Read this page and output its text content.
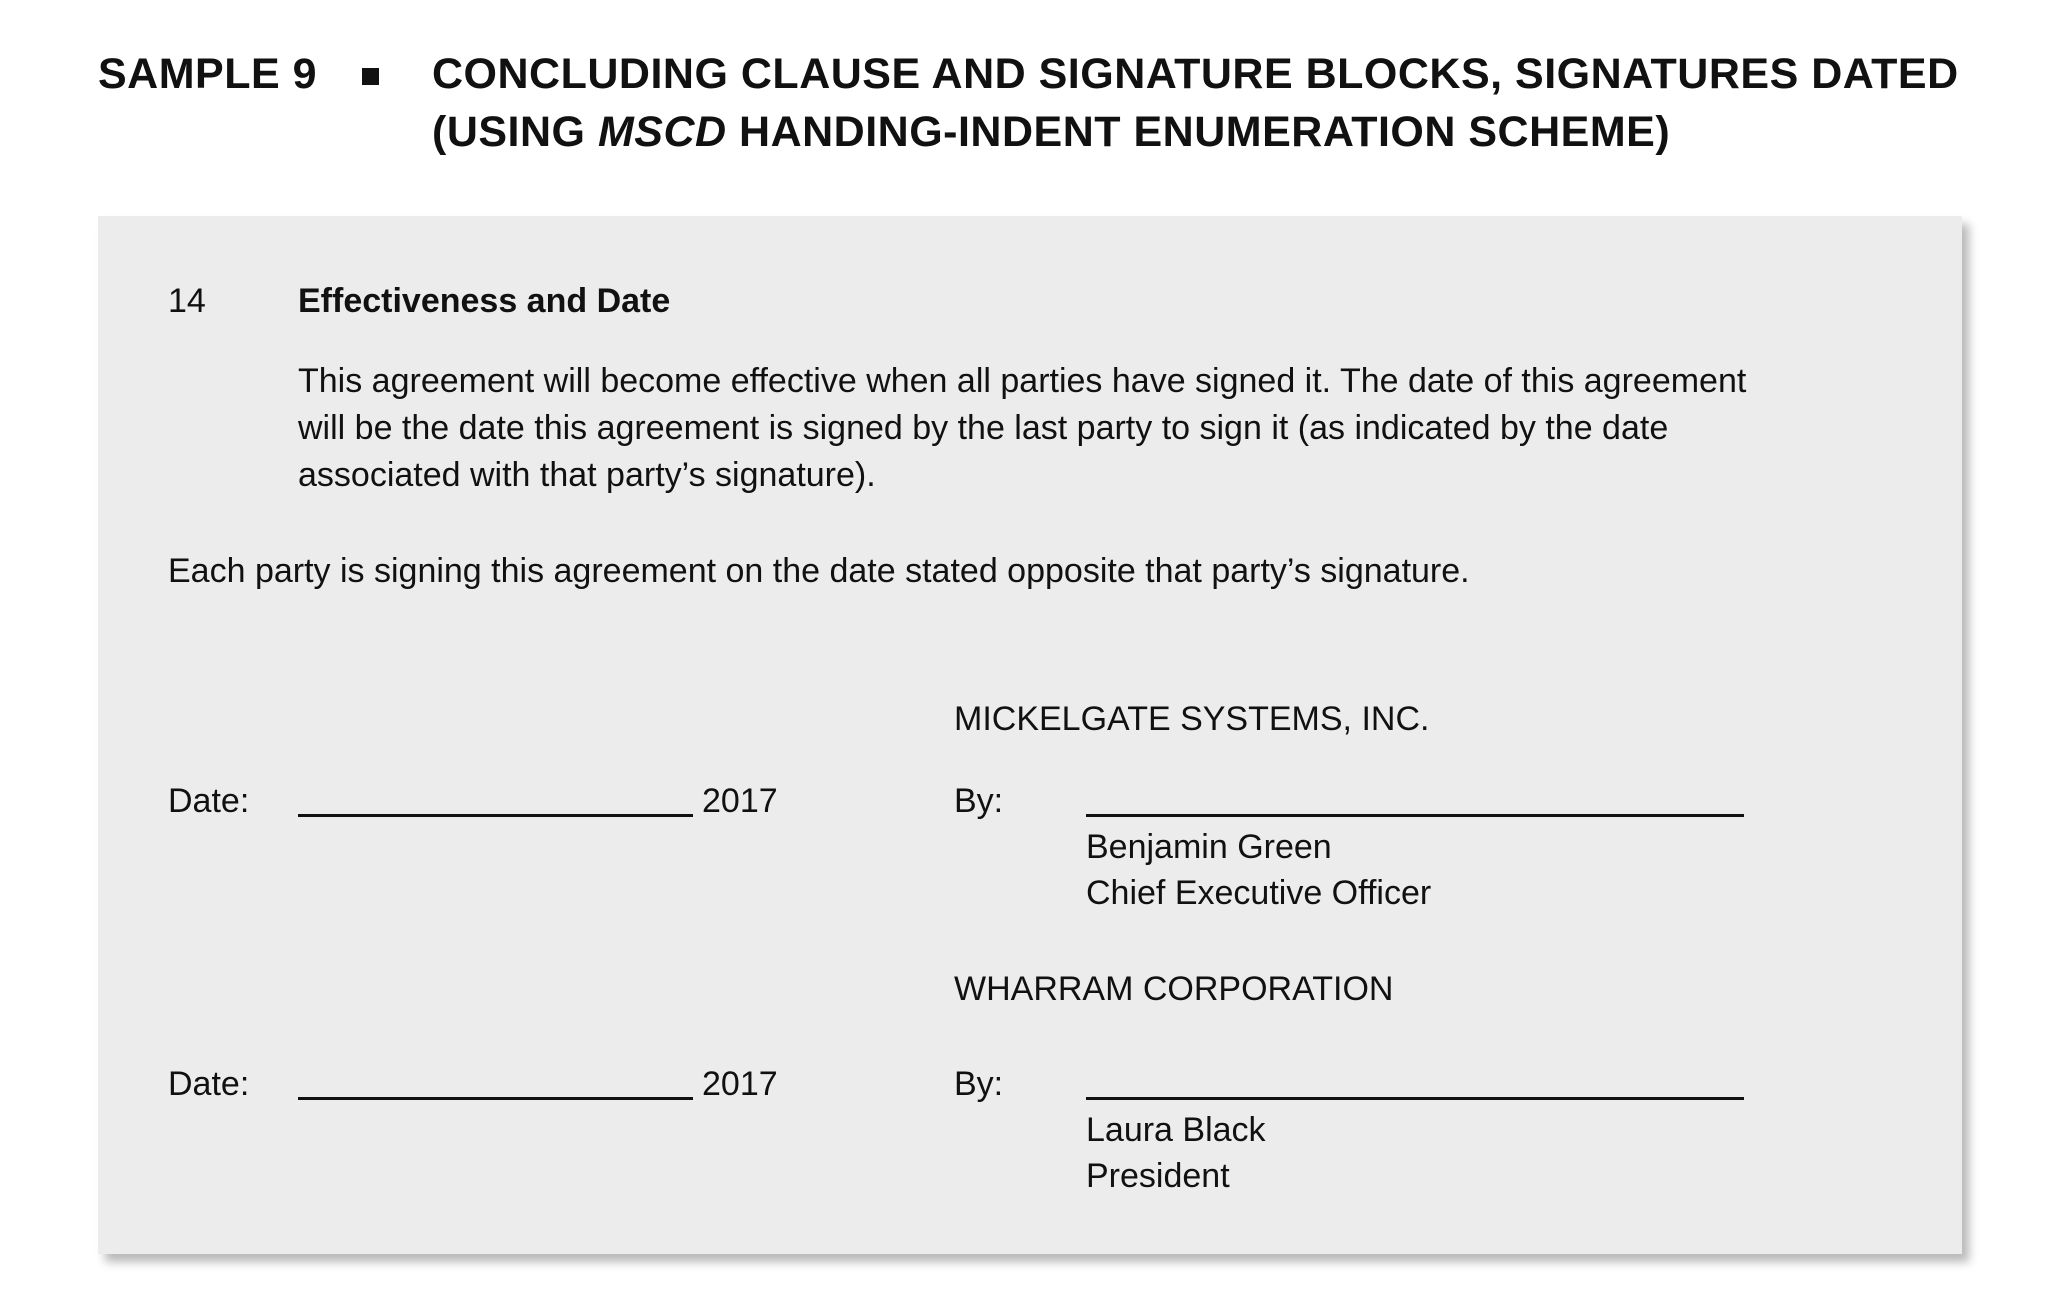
SAMPLE 9	CONCLUDING CLAUSE AND SIGNATURE BLOCKS, SIGNATURES DATED
(USING MSCD HANDING-INDENT ENUMERATION SCHEME)
14	Effectiveness and Date
This agreement will become effective when all parties have signed it. The date of this agreement
will be the date this agreement is signed by the last party to sign it (as indicated by the date
associated with that party’s signature).
Each party is signing this agreement on the date stated opposite that party’s signature.
MICKELGATE SYSTEMS, INC.
Date:	2017	By:
Benjamin Green
Chief Executive Officer
WHARRAM CORPORATION
Date:	2017	By:
Laura Black
President
